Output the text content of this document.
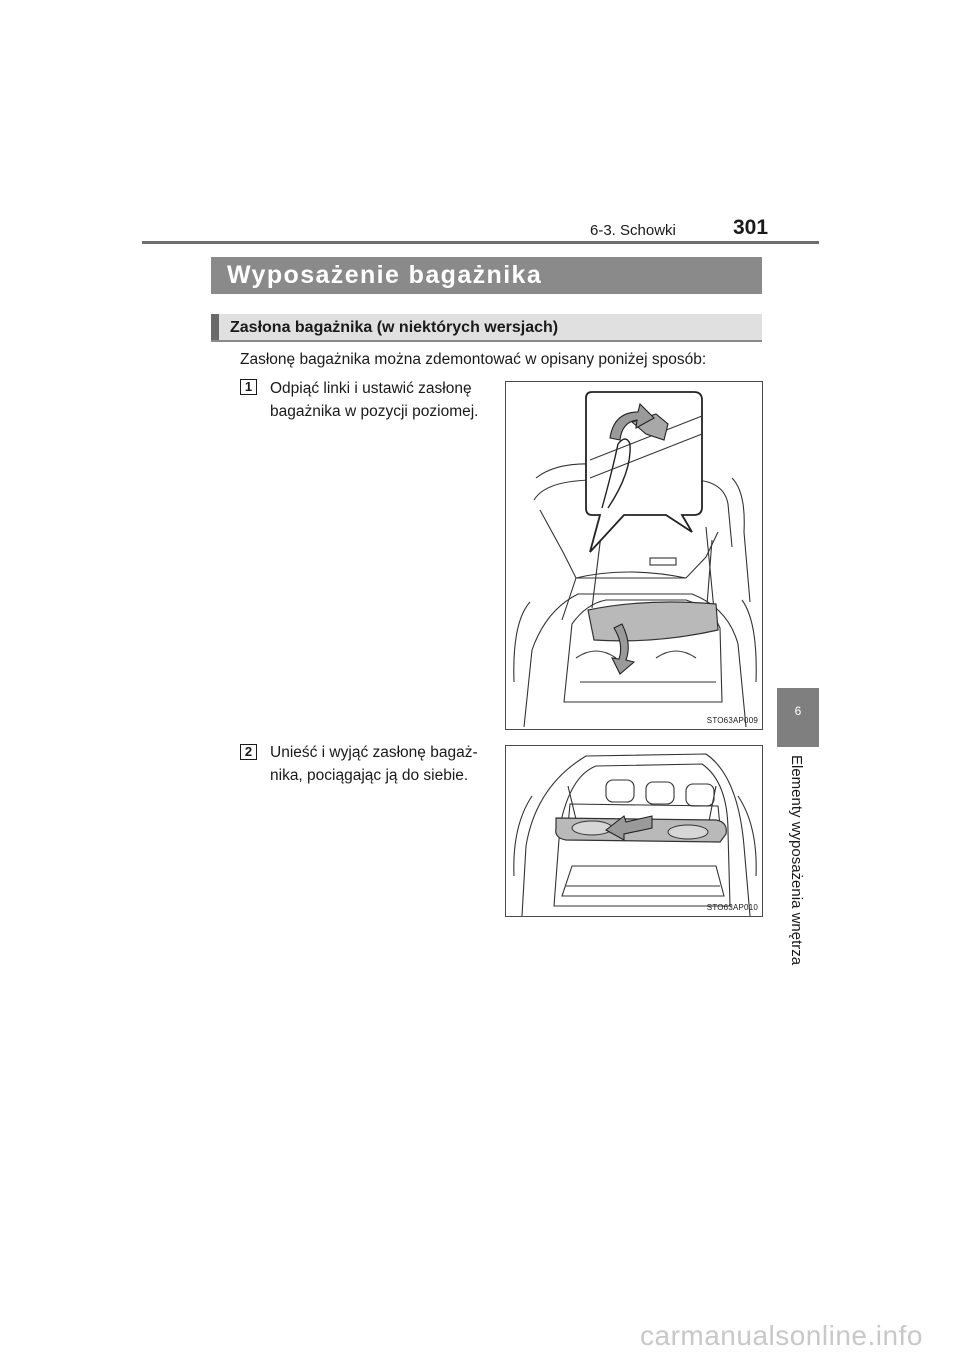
6-3. Schowki	301
Wyposażenie bagażnika
Zasłona bagażnika (w niektórych wersjach)
Zasłonę bagażnika można zdemontować w opisany poniżej sposób:
1	Odpiąć linki i ustawić zasłonę
bagażnika w pozycji poziomej.
STO63AP009
2	Unieść i wyjąć zasłonę bagaż-
nika, pociągając ją do siebie.
STO63AP010
6
Elementy wyposażenia wnętrza
carmanualsonline.info
